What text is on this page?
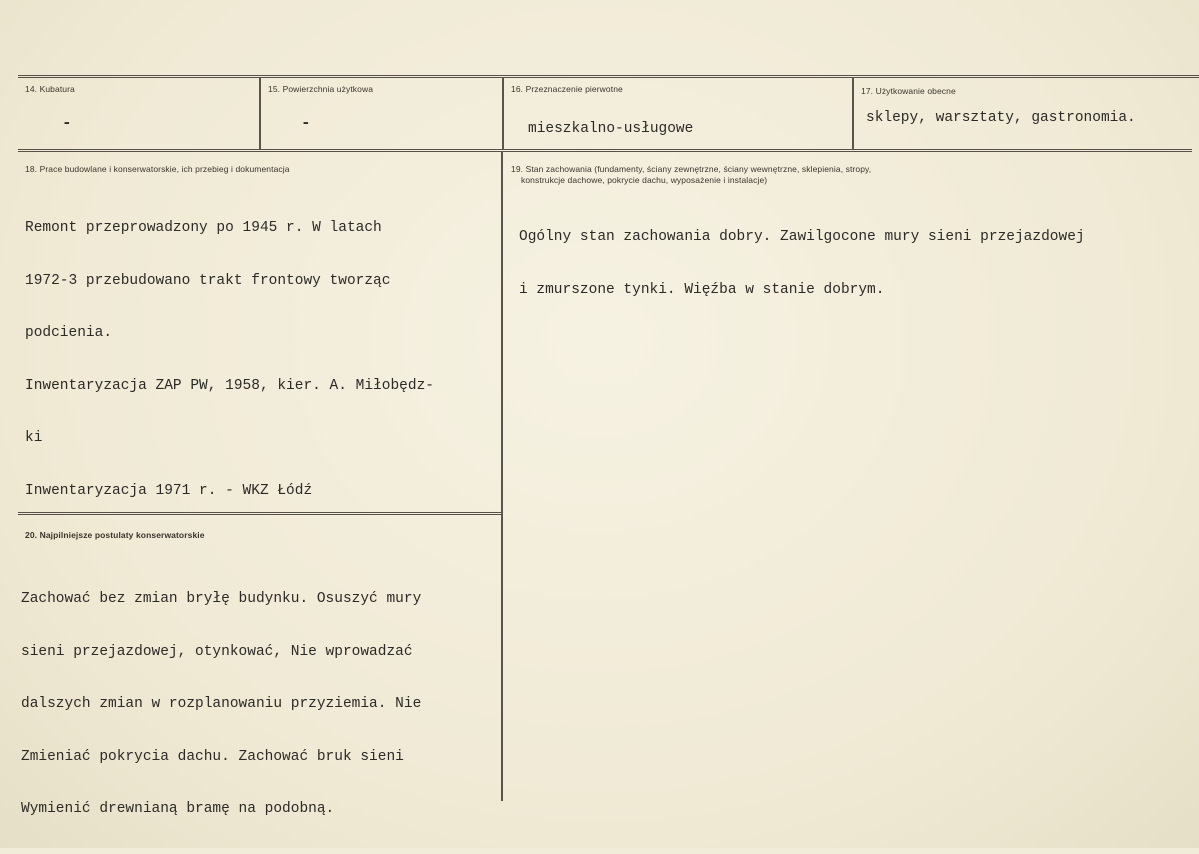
14. Kubatura
-
15. Powierzchnia użytkowa
-
16. Przeznaczenie pierwotne
mieszkalno-usługowe
17. Użytkowanie obecne
sklepy, warsztaty, gastronomia.
18. Prace budowlane i konserwatorskie, ich przebieg i dokumentacja

Remont przeprowadzony po 1945 r. W latach

1972-3 przebudowano trakt frontowy tworząc

podcienia.

Inwentaryzacja ZAP PW, 1958, kier. A. Miłobędz-

ki

Inwentaryzacja 1971 r. - WKZ Łódź

19. Stan zachowania (fundamenty, ściany zewnętrzne, ściany wewnętrzne, sklepienia, stropy,
konstrukcje dachowe, pokrycie dachu, wyposażenie i instalacje)

Ogólny stan zachowania dobry. Zawilgocone mury sieni przejazdowej

i zmurszone tynki. Więźba w stanie dobrym.

20. Najpilniejsze postulaty konserwatorskie

Zachować bez zmian bryłę budynku. Osuszyć mury

sieni przejazdowej, otynkować, Nie wprowadzać

dalszych zmian w rozplanowaniu przyziemia. Nie

Zmieniać pokrycia dachu. Zachować bruk sieni

Wymienić drewnianą bramę na podobną.
